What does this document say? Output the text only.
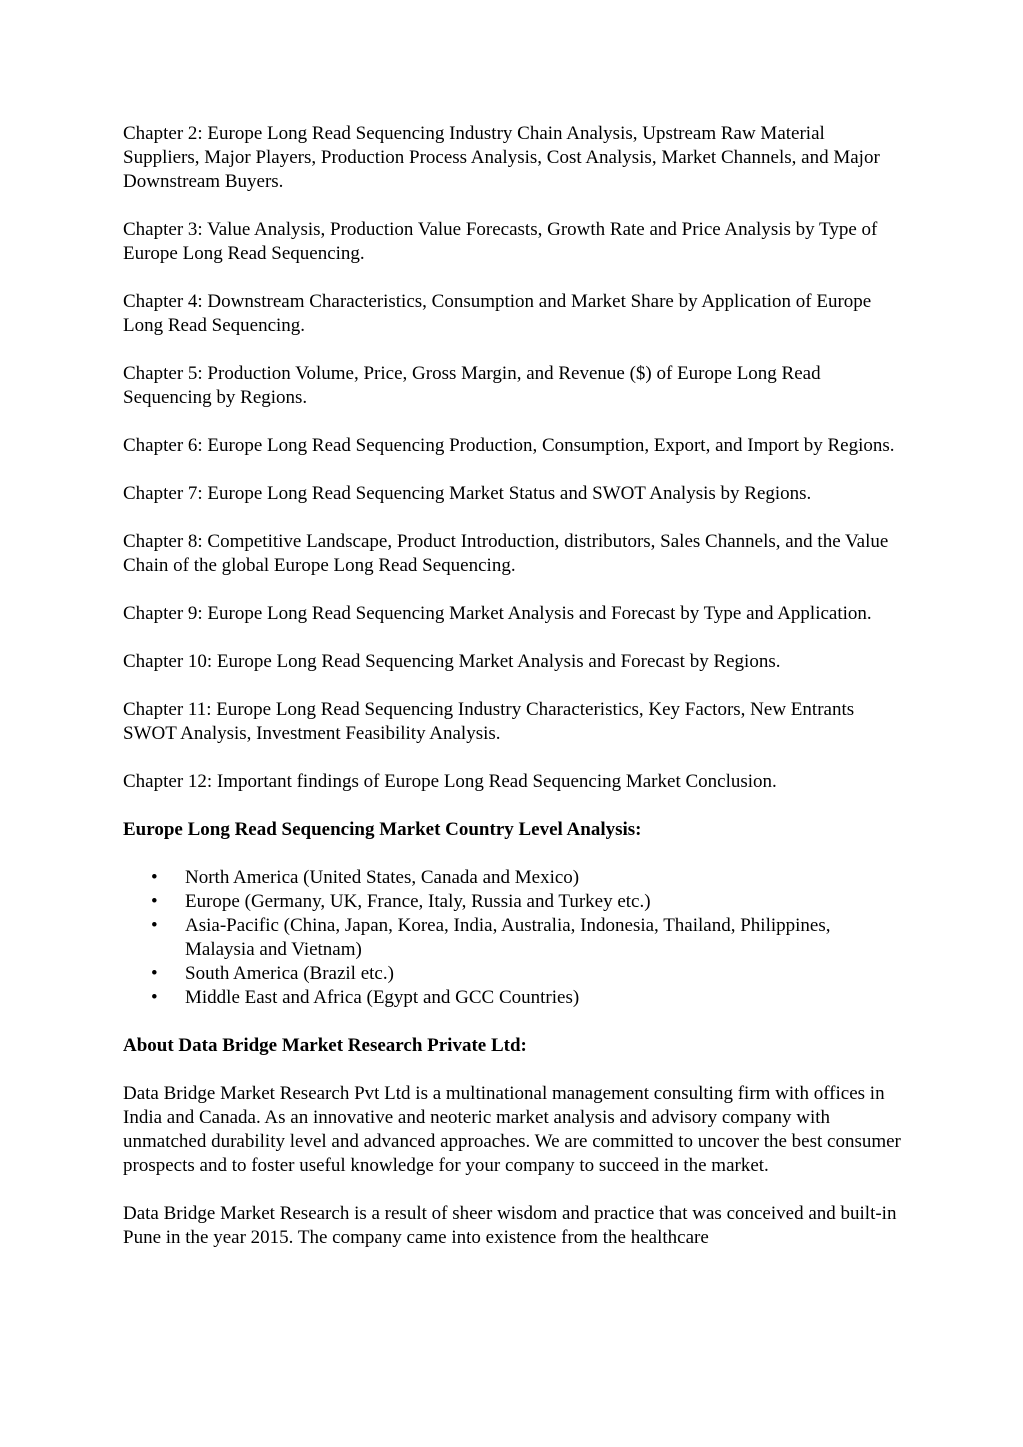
Chapter 2: Europe Long Read Sequencing Industry Chain Analysis, Upstream Raw Material Suppliers, Major Players, Production Process Analysis, Cost Analysis, Market Channels, and Major Downstream Buyers.

Chapter 3: Value Analysis, Production Value Forecasts, Growth Rate and Price Analysis by Type of Europe Long Read Sequencing.

Chapter 4: Downstream Characteristics, Consumption and Market Share by Application of Europe Long Read Sequencing.

Chapter 5: Production Volume, Price, Gross Margin, and Revenue ($) of Europe Long Read Sequencing by Regions.

Chapter 6: Europe Long Read Sequencing Production, Consumption, Export, and Import by Regions.

Chapter 7: Europe Long Read Sequencing Market Status and SWOT Analysis by Regions.

Chapter 8: Competitive Landscape, Product Introduction, distributors, Sales Channels, and the Value Chain of the global Europe Long Read Sequencing.

Chapter 9: Europe Long Read Sequencing Market Analysis and Forecast by Type and Application.

Chapter 10: Europe Long Read Sequencing Market Analysis and Forecast by Regions.

Chapter 11: Europe Long Read Sequencing Industry Characteristics, Key Factors, New Entrants SWOT Analysis, Investment Feasibility Analysis.

Chapter 12: Important findings of Europe Long Read Sequencing Market Conclusion.

Europe Long Read Sequencing Market Country Level Analysis:

• North America (United States, Canada and Mexico)
• Europe (Germany, UK, France, Italy, Russia and Turkey etc.)
• Asia-Pacific (China, Japan, Korea, India, Australia, Indonesia, Thailand, Philippines, Malaysia and Vietnam)
• South America (Brazil etc.)
• Middle East and Africa (Egypt and GCC Countries)

About Data Bridge Market Research Private Ltd:

Data Bridge Market Research Pvt Ltd is a multinational management consulting firm with offices in India and Canada. As an innovative and neoteric market analysis and advisory company with unmatched durability level and advanced approaches. We are committed to uncover the best consumer prospects and to foster useful knowledge for your company to succeed in the market.

Data Bridge Market Research is a result of sheer wisdom and practice that was conceived and built-in Pune in the year 2015. The company came into existence from the healthcare
